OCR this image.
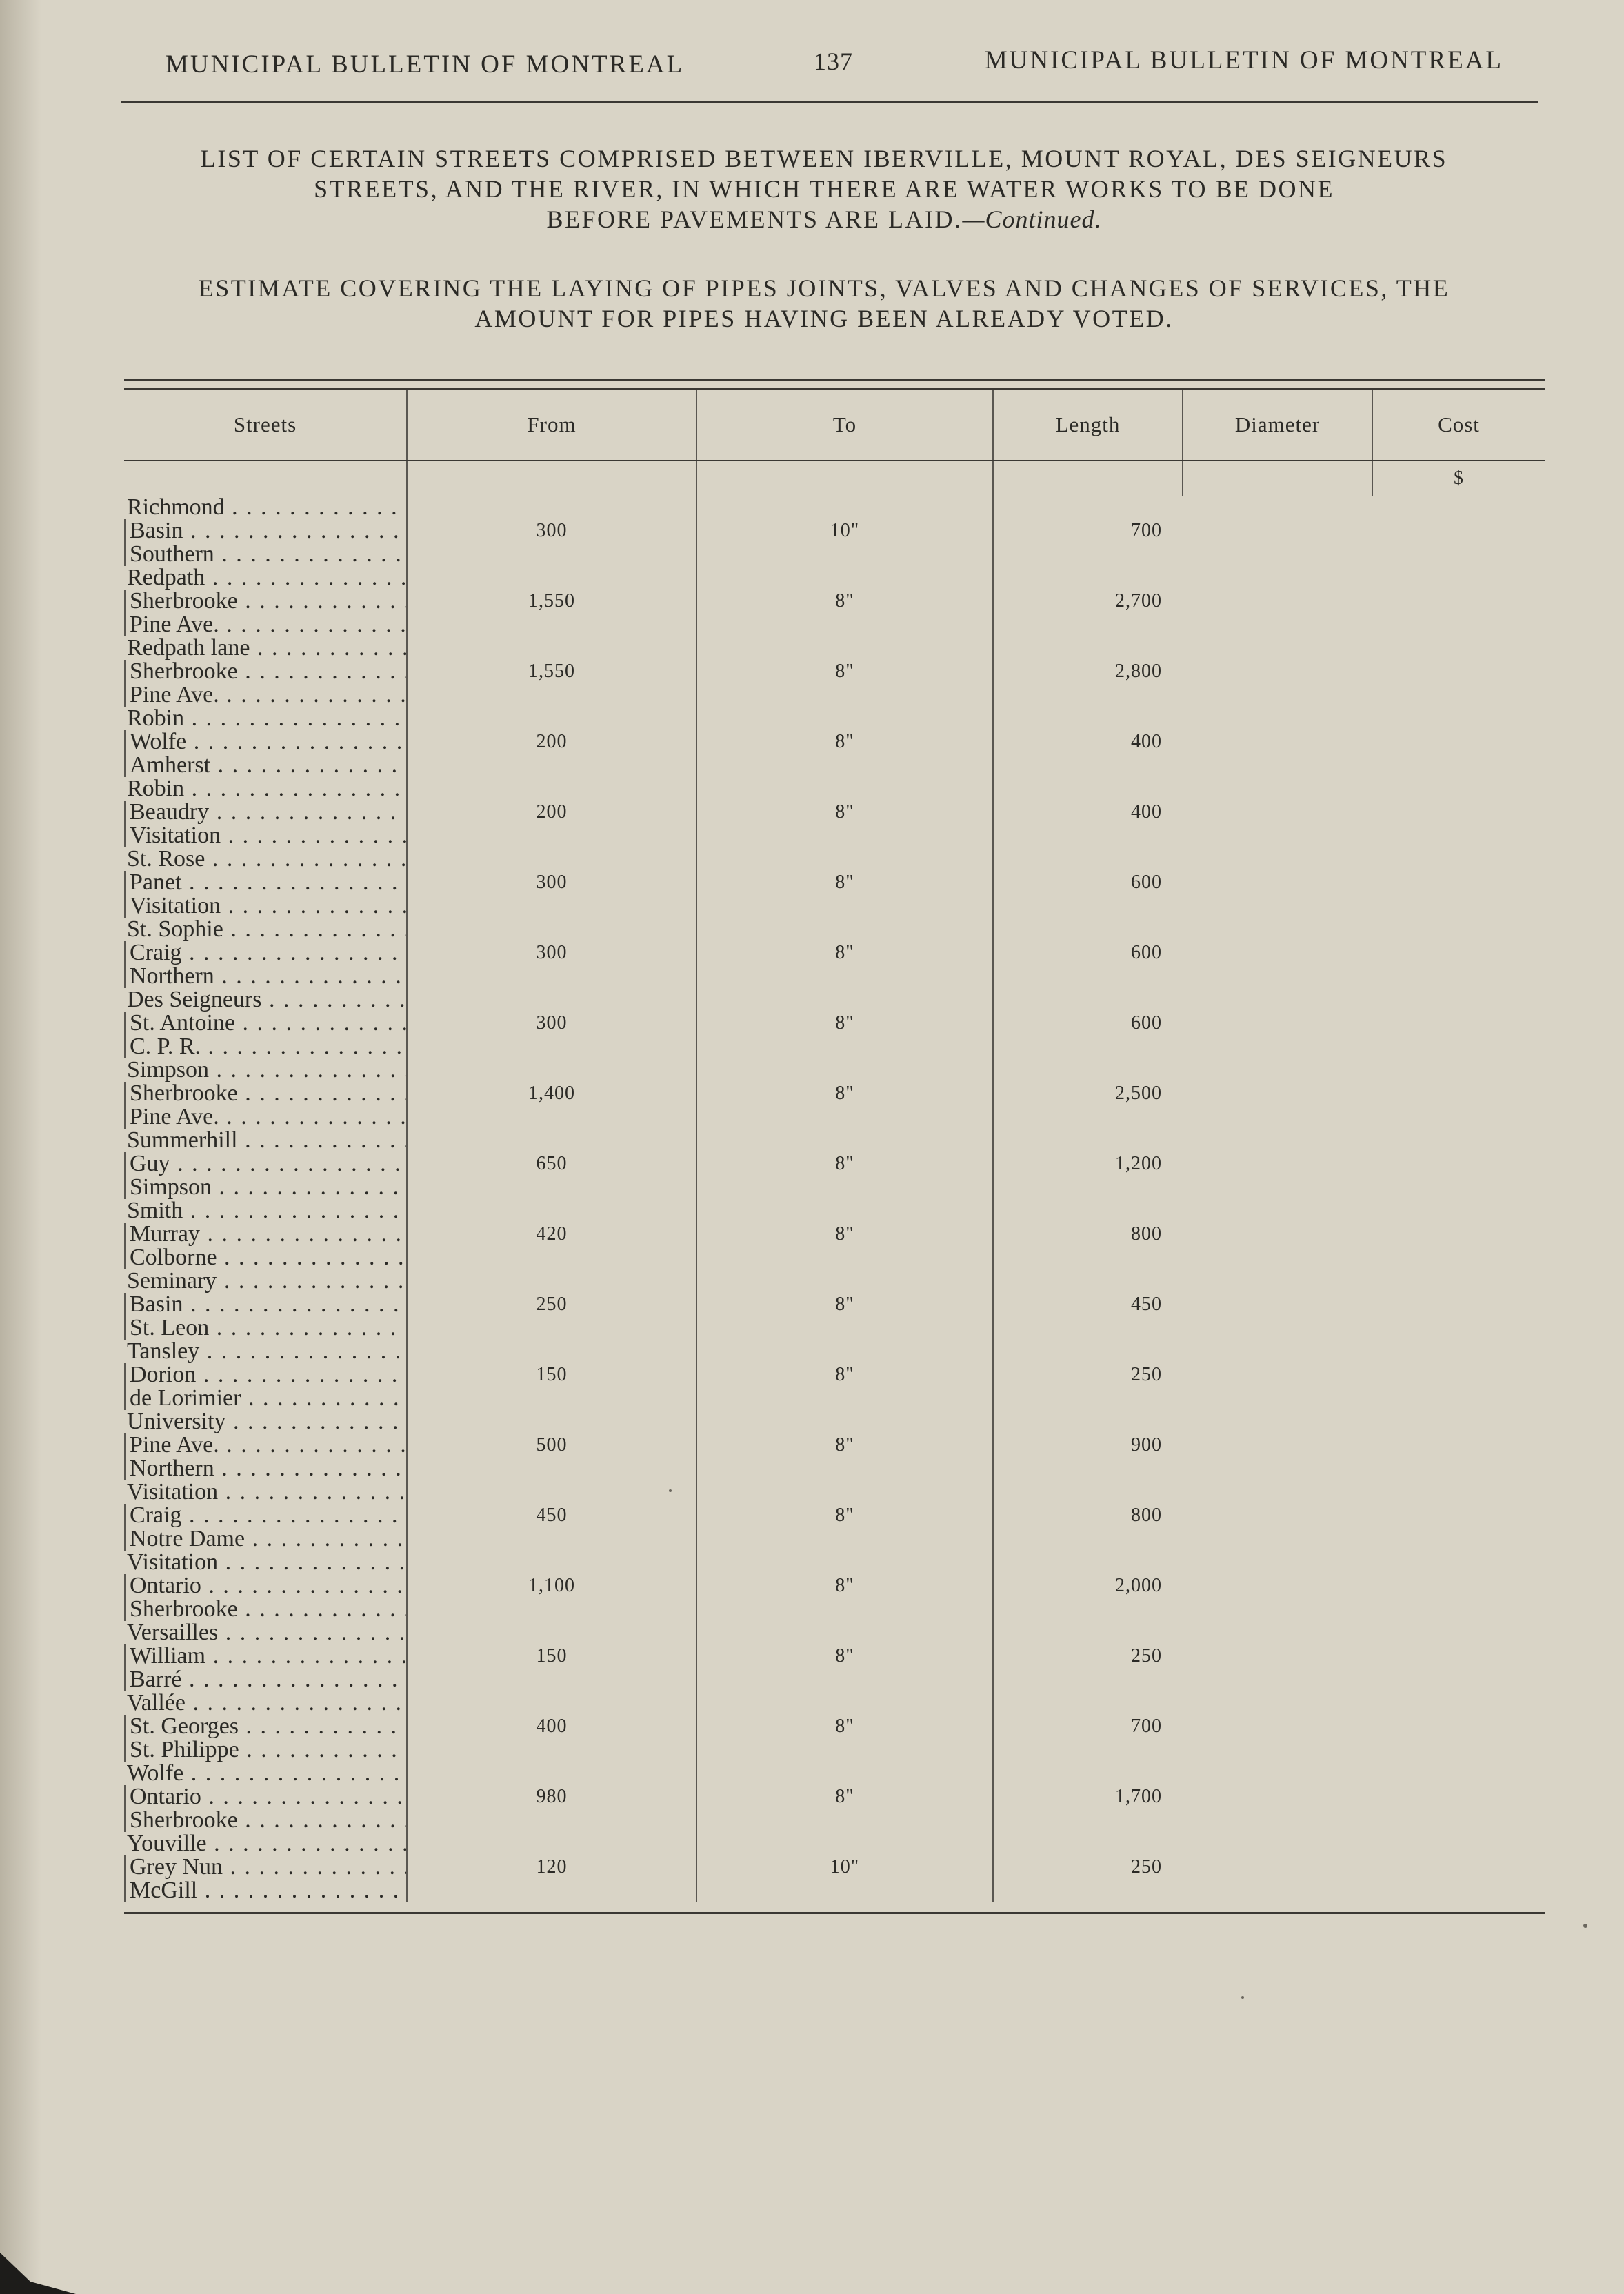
MUNICIPAL BULLETIN OF MONTREAL	137	MUNICIPAL BULLETIN OF MONTREAL
LIST OF CERTAIN STREETS COMPRISED BETWEEN IBERVILLE, MOUNT ROYAL, DES SEIGNEURS
STREETS, AND THE RIVER, IN WHICH THERE ARE WATER WORKS TO BE DONE
BEFORE PAVEMENTS ARE LAID.—Continued.
ESTIMATE COVERING THE LAYING OF PIPES JOINTS, VALVES AND CHANGES OF SERVICES, THE
AMOUNT FOR PIPES HAVING BEEN ALREADY VOTED.
Streets	From	To	Length	Diameter	Cost
					$

Richmond . . .
Basin . . .
Southern . . .
300	10"	700		

Redpath . . .
Sherbrooke . . .
Pine Ave. . . .
1,550	8"	2,700		

Redpath lane . . .
Sherbrooke . . .
Pine Ave. . . .
1,550	8"	2,800		

Robin . . .
Wolfe . . .
Amherst . . .
200	8"	400		

Robin . . .
Beaudry . . .
Visitation . . .
200	8"	400		

St. Rose . . .
Panet . . .
Visitation . . .
300	8"	600		

St. Sophie . . .
Craig . . .
Northern . . .
300	8"	600		

Des Seigneurs . . .
St. Antoine . . .
C. P. R. . . .
300	8"	600		

Simpson . . .
Sherbrooke . . .
Pine Ave. . . .
1,400	8"	2,500		

Summerhill . . .
Guy . . .
Simpson . . .
650	8"	1,200		

Smith . . .
Murray . . .
Colborne . . .
420	8"	800		

Seminary . . .
Basin . . .
St. Leon . . .
250	8"	450		

Tansley . . .
Dorion . . .
de Lorimier . . .
150	8"	250		

University . . .
Pine Ave. . . .
Northern . . .
500	8"	900		

Visitation . . .
Craig . . .
Notre Dame . . .
450	8"	800		

Visitation . . .
Ontario . . .
Sherbrooke . . .
1,100	8"	2,000		

Versailles . . .
William . . .
Barré . . .
150	8"	250		

Vallée . . .
St. Georges . . .
St. Philippe . . .
400	8"	700		

Wolfe . . .
Ontario . . .
Sherbrooke . . .
980	8"	1,700		

Youville . . .
Grey Nun . . .
McGill . . .
120	10"	250		
